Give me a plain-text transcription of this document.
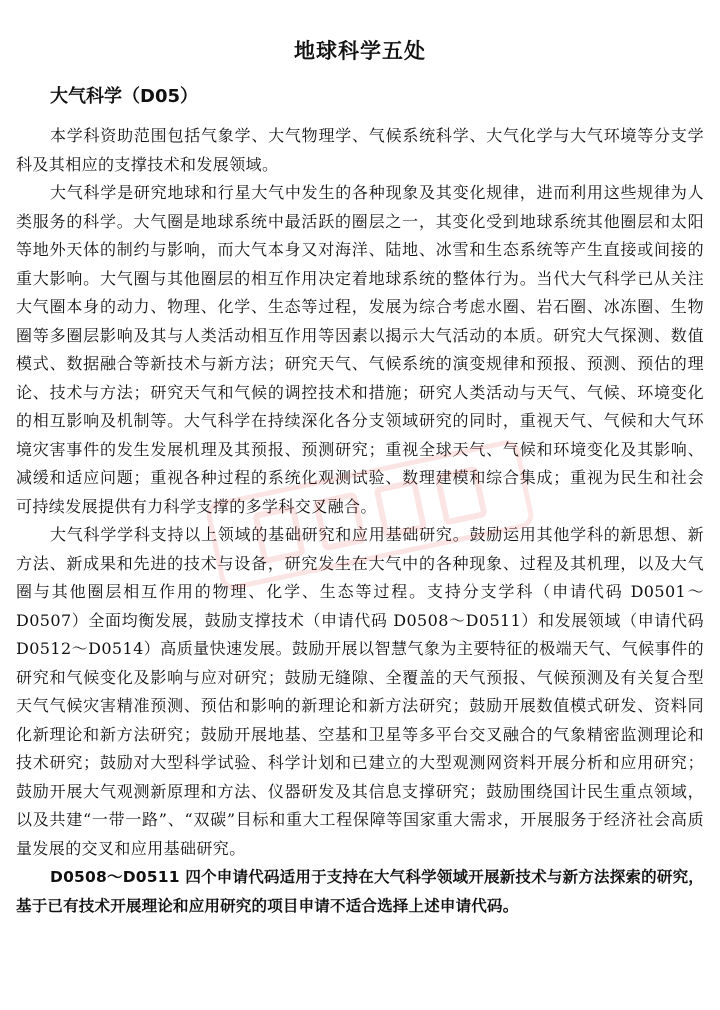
地球科学五处
大气科学（D05）

本学科资助范围包括气象学、大气物理学、气候系统科学、大气化学与大气环境等分支学科及其相应的支撑技术和发展领域。

大气科学是研究地球和行星大气中发生的各种现象及其变化规律，进而利用这些规律为人类服务的科学。大气圈是地球系统中最活跃的圈层之一，其变化受到地球系统其他圈层和太阳等地外天体的制约与影响，而大气本身又对海洋、陆地、冰雪和生态系统等产生直接或间接的重大影响。大气圈与其他圈层的相互作用决定着地球系统的整体行为。当代大气科学已从关注大气圈本身的动力、物理、化学、生态等过程，发展为综合考虑水圈、岩石圈、冰冻圈、生物圈等多圈层影响及其与人类活动相互作用等因素以揭示大气活动的本质。研究大气探测、数值模式、数据融合等新技术与新方法；研究天气、气候系统的演变规律和预报、预测、预估的理论、技术与方法；研究天气和气候的调控技术和措施；研究人类活动与天气、气候、环境变化的相互影响及机制等。大气科学在持续深化各分支领域研究的同时，重视天气、气候和大气环境灾害事件的发生发展机理及其预报、预测研究；重视全球天气、气候和环境变化及其影响、减缓和适应问题；重视各种过程的系统化观测试验、数理建模和综合集成；重视为民生和社会可持续发展提供有力科学支撑的多学科交叉融合。

大气科学学科支持以上领域的基础研究和应用基础研究。鼓励运用其他学科的新思想、新方法、新成果和先进的技术与设备，研究发生在大气中的各种现象、过程及其机理，以及大气圈与其他圈层相互作用的物理、化学、生态等过程。支持分支学科（申请代码 D0501～D0507）全面均衡发展，鼓励支撑技术（申请代码 D0508～D0511）和发展领域（申请代码 D0512～D0514）高质量快速发展。鼓励开展以智慧气象为主要特征的极端天气、气候事件的研究和气候变化及影响与应对研究；鼓励无缝隙、全覆盖的天气预报、气候预测及有关复合型天气气候灾害精准预测、预估和影响的新理论和新方法研究；鼓励开展数值模式研发、资料同化新理论和新方法研究；鼓励开展地基、空基和卫星等多平台交叉融合的气象精密监测理论和技术研究；鼓励对大型科学试验、科学计划和已建立的大型观测网资料开展分析和应用研究；鼓励开展大气观测新原理和方法、仪器研发及其信息支撑研究；鼓励围绕国计民生重点领域，以及共建“一带一路”、“双碳”目标和重大工程保障等国家重大需求，开展服务于经济社会高质量发展的交叉和应用基础研究。

D0508～D0511 四个申请代码适用于支持在大气科学领域开展新技术与新方法探索的研究，基于已有技术开展理论和应用研究的项目申请不适合选择上述申请代码。
